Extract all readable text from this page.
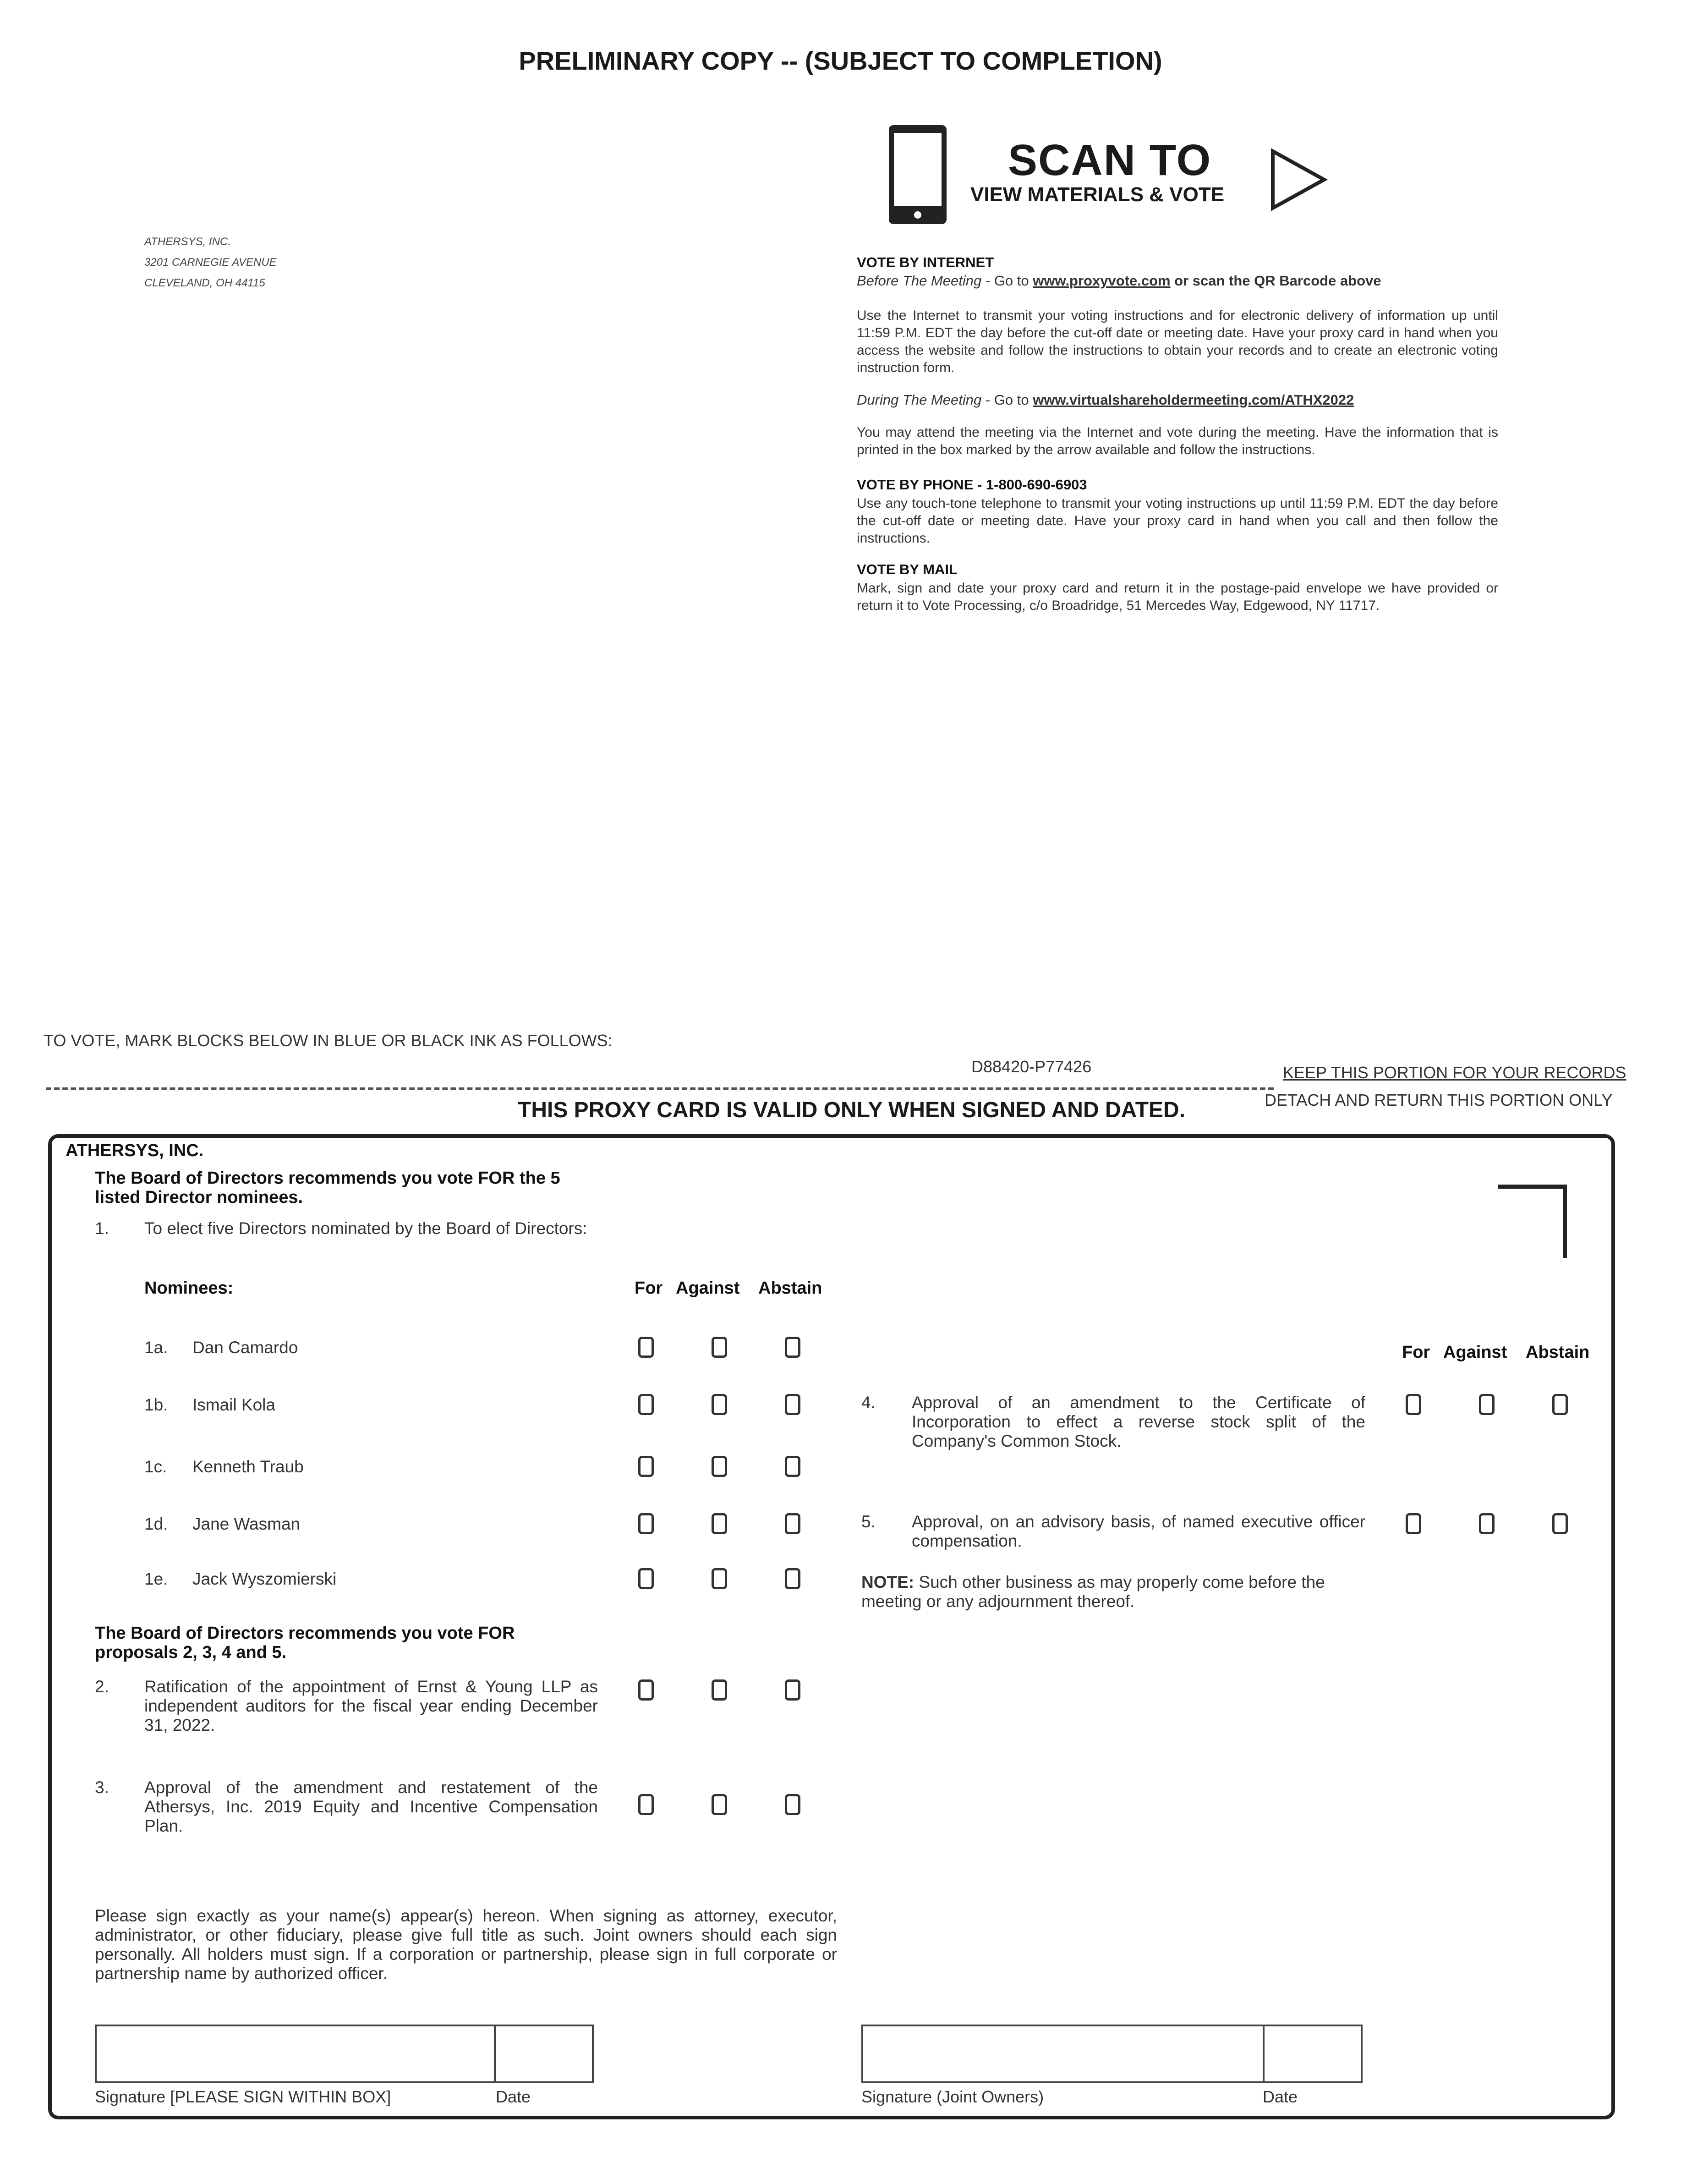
PRELIMINARY COPY -- (SUBJECT TO COMPLETION)
ATHERSYS, INC.
3201 CARNEGIE AVENUE
CLEVELAND, OH 44115
SCAN TO
VIEW MATERIALS & VOTE
VOTE BY INTERNET
Before The Meeting - Go to www.proxyvote.com or scan the QR Barcode above
Use the Internet to transmit your voting instructions and for electronic delivery of information up until 11:59 P.M. EDT the day before the cut-off date or meeting date. Have your proxy card in hand when you access the website and follow the instructions to obtain your records and to create an electronic voting instruction form.
During The Meeting - Go to www.virtualshareholdermeeting.com/ATHX2022
You may attend the meeting via the Internet and vote during the meeting. Have the information that is printed in the box marked by the arrow available and follow the instructions.
VOTE BY PHONE - 1-800-690-6903
Use any touch-tone telephone to transmit your voting instructions up until 11:59 P.M. EDT the day before the cut-off date or meeting date. Have your proxy card in hand when you call and then follow the instructions.
VOTE BY MAIL
Mark, sign and date your proxy card and return it in the postage-paid envelope we have provided or return it to Vote Processing, c/o Broadridge, 51 Mercedes Way, Edgewood, NY 11717.
TO VOTE, MARK BLOCKS BELOW IN BLUE OR BLACK INK AS FOLLOWS:
D88420-P77426	KEEP THIS PORTION FOR YOUR RECORDS
DETACH AND RETURN THIS PORTION ONLY
THIS PROXY CARD IS VALID ONLY WHEN SIGNED AND DATED.
ATHERSYS, INC.
The Board of Directors recommends you vote FOR the 5 listed Director nominees.
1. To elect five Directors nominated by the Board of Directors:
Nominees:	For Against Abstain
1a. Dan Camardo
1b. Ismail Kola
1c. Kenneth Traub
1d. Jane Wasman
1e. Jack Wyszomierski
The Board of Directors recommends you vote FOR proposals 2, 3, 4 and 5.
2. Ratification of the appointment of Ernst & Young LLP as independent auditors for the fiscal year ending December 31, 2022.
3. Approval of the amendment and restatement of the Athersys, Inc. 2019 Equity and Incentive Compensation Plan.
For Against Abstain
4. Approval of an amendment to the Certificate of Incorporation to effect a reverse stock split of the Company's Common Stock.
5. Approval, on an advisory basis, of named executive officer compensation.
NOTE: Such other business as may properly come before the meeting or any adjournment thereof.
Please sign exactly as your name(s) appear(s) hereon. When signing as attorney, executor, administrator, or other fiduciary, please give full title as such. Joint owners should each sign personally. All holders must sign. If a corporation or partnership, please sign in full corporate or partnership name by authorized officer.
Signature [PLEASE SIGN WITHIN BOX]	Date	Signature (Joint Owners)	Date
